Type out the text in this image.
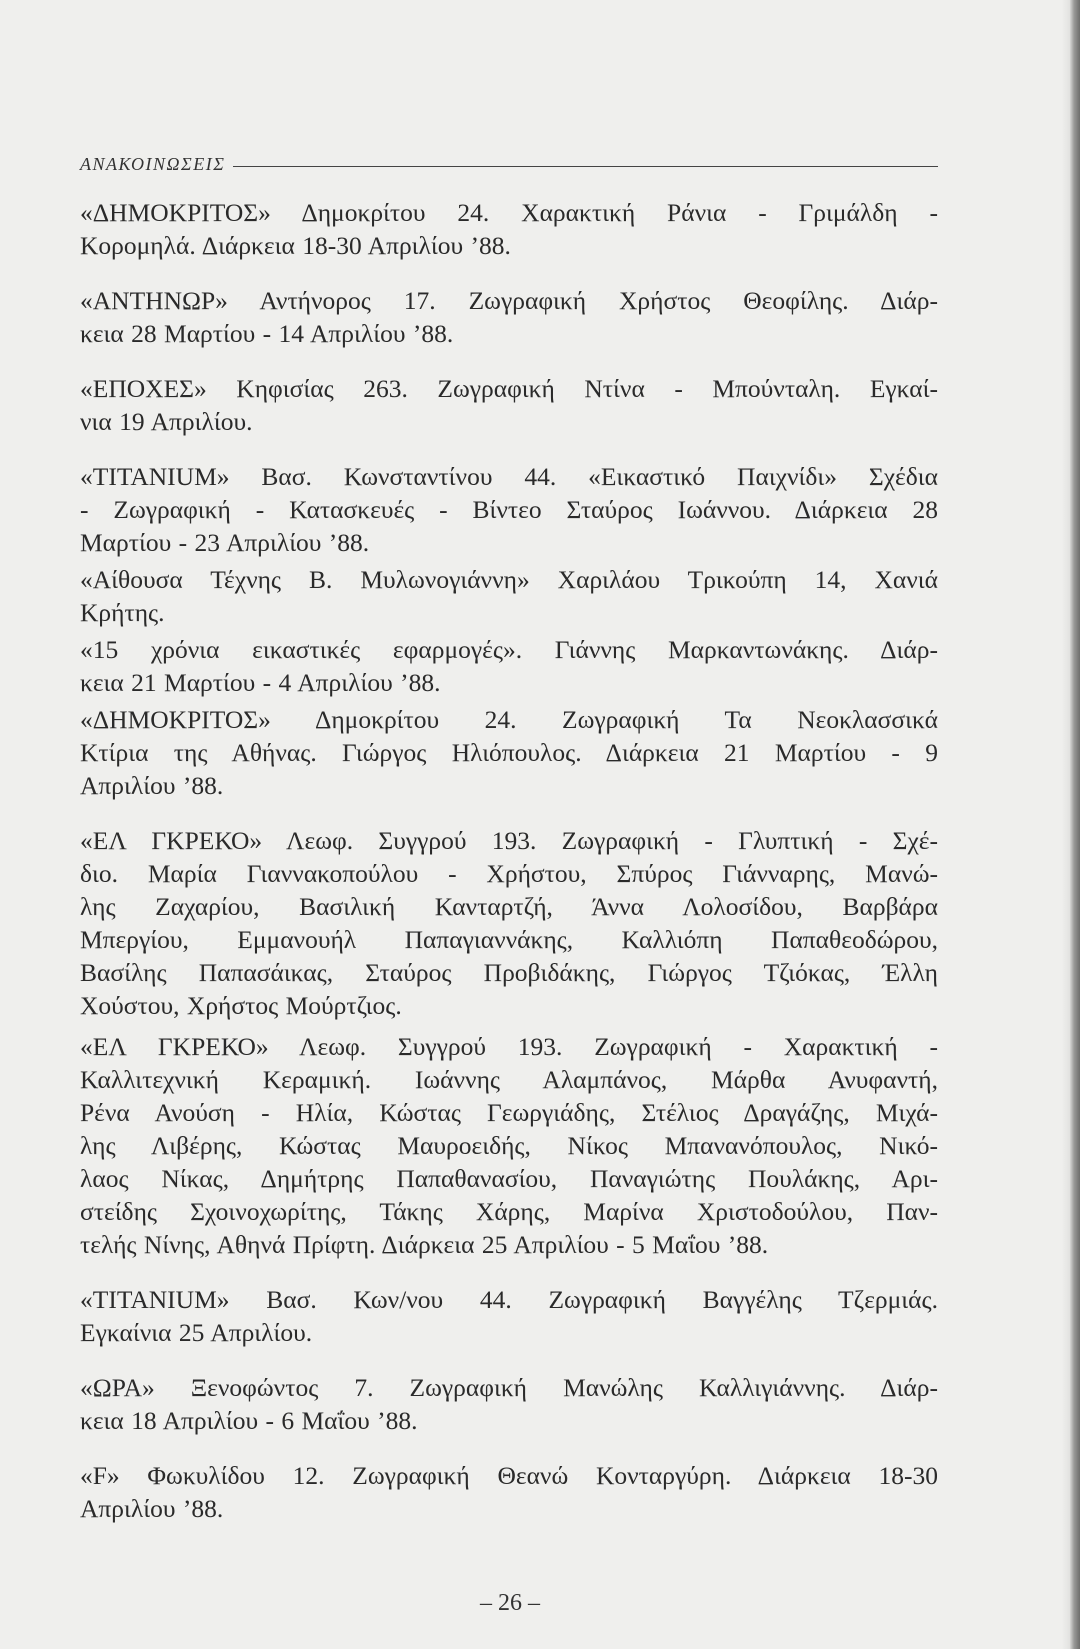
ΑΝΑΚΟΙΝΩΣΕΙΣ
«ΔΗΜΟΚΡΙΤΟΣ» Δημοκρίτου 24. Χαρακτική Ράνια - Γριμάλδη -
Κορομηλά. Διάρκεια 18-30 Απριλίου ’88.
«ΑΝΤΗΝΩΡ» Αντήνορος 17. Ζωγραφική Χρήστος Θεοφίλης. Διάρ-
κεια 28 Μαρτίου - 14 Απριλίου ’88.
«ΕΠΟΧΕΣ» Κηφισίας 263. Ζωγραφική Ντίνα - Μπούνταλη. Εγκαί-
νια 19 Απριλίου.
«TITANIUM» Βασ. Κωνσταντίνου 44. «Εικαστικό Παιχνίδι» Σχέδια
- Ζωγραφική - Κατασκευές - Βίντεο Σταύρος Ιωάννου. Διάρκεια 28
Μαρτίου - 23 Απριλίου ’88.
«Αίθουσα Τέχνης Β. Μυλωνογιάννη» Χαριλάου Τρικούπη 14, Χανιά
Κρήτης.
«15 χρόνια εικαστικές εφαρμογές». Γιάννης Μαρκαντωνάκης. Διάρ-
κεια 21 Μαρτίου - 4 Απριλίου ’88.
«ΔΗΜΟΚΡΙΤΟΣ» Δημοκρίτου 24. Ζωγραφική Τα Νεοκλασσικά
Κτίρια της Αθήνας. Γιώργος Ηλιόπουλος. Διάρκεια 21 Μαρτίου - 9
Απριλίου ’88.
«ΕΛ ΓΚΡΕΚΟ» Λεωφ. Συγγρού 193. Ζωγραφική - Γλυπτική - Σχέ-
διο. Μαρία Γιαννακοπούλου - Χρήστου, Σπύρος Γιάνναρης, Μανώ-
λης Ζαχαρίου, Βασιλική Κανταρτζή, Άννα Λολοσίδου, Βαρβάρα
Μπεργίου, Εμμανουήλ Παπαγιαννάκης, Καλλιόπη Παπαθεοδώρου,
Βασίλης Παπασάικας, Σταύρος Προβιδάκης, Γιώργος Τζιόκας, Έλλη
Χούστου, Χρήστος Μούρτζιος.
«ΕΛ ΓΚΡΕΚΟ» Λεωφ. Συγγρού 193. Ζωγραφική - Χαρακτική -
Καλλιτεχνική Κεραμική. Ιωάννης Αλαμπάνος, Μάρθα Ανυφαντή,
Ρένα Ανούση - Ηλία, Κώστας Γεωργιάδης, Στέλιος Δραγάζης, Μιχά-
λης Λιβέρης, Κώστας Μαυροειδής, Νίκος Μπανανόπουλος, Νικό-
λαος Νίκας, Δημήτρης Παπαθανασίου, Παναγιώτης Πουλάκης, Αρι-
στείδης Σχοινοχωρίτης, Τάκης Χάρης, Μαρίνα Χριστοδούλου, Παν-
τελής Νίνης, Αθηνά Πρίφτη. Διάρκεια 25 Απριλίου - 5 Μαΐου ’88.
«TITANIUM» Βασ. Κων/νου 44. Ζωγραφική Βαγγέλης Τζερμιάς.
Εγκαίνια 25 Απριλίου.
«ΩΡΑ» Ξενοφώντος 7. Ζωγραφική Μανώλης Καλλιγιάννης. Διάρ-
κεια 18 Απριλίου - 6 Μαΐου ’88.
«F» Φωκυλίδου 12. Ζωγραφική Θεανώ Κονταργύρη. Διάρκεια 18-30
Απριλίου ’88.
– 26 –
